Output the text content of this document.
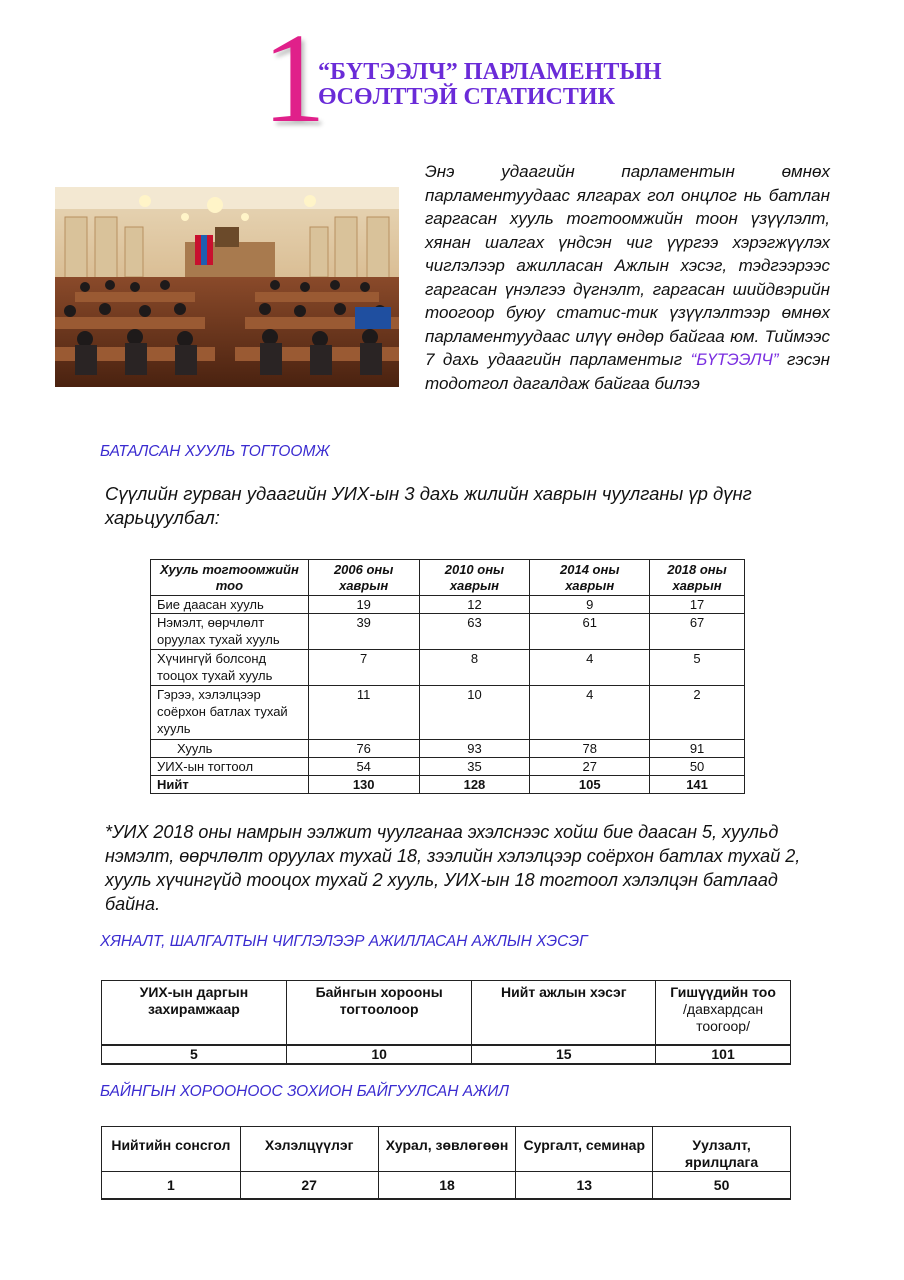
1
“БҮТЭЭЛЧ” ПАРЛАМЕНТЫН
ӨСӨЛТТЭЙ СТАТИСТИК
Энэ удаагийн парламентын өмнөх парламентуудаас ялгарах гол онцлог нь батлан гаргасан хууль тогтоомжийн тоон үзүүлэлт, хянан шалгах үндсэн чиг үүргээ хэрэгжүүлэх чиглэлээр ажилласан Ажлын хэсэг, тэдгээрээс гаргасан үнэлгээ дүгнэлт, гаргасан шийдвэрийн тоогоор буюу статис-тик үзүүлэлтээр өмнөх парламентуудаас илүү өндөр байгаа юм. Тиймээс 7 дахь удаагийн парламентыг “БҮТЭЭЛЧ” гэсэн тодотгол дагалдаж байгаа билээ
БАТАЛСАН ХУУЛЬ ТОГТООМЖ
Сүүлийн гурван удаагийн УИХ-ын 3 дахь жилийн хаврын чуулганы үр дүнг харьцуулбал:
Хууль тогтоомжийн тоо	2006 оны хаврын	2010 оны хаврын	2014 оны хаврын	2018 оны хаврын
Бие даасан хууль	19	12	9	17
Нэмэлт, өөрчлөлт оруулах тухай хууль	39	63	61	67
Хүчингүй болсонд тооцох тухай хууль	7	8	4	5
Гэрээ, хэлэлцээр соёрхон батлах тухай хууль	11	10	4	2
Хууль	76	93	78	91
УИХ-ын тогтоол	54	35	27	50
Нийт	130	128	105	141
*УИХ 2018 оны намрын ээлжит чуулганаа эхэлснээс хойш бие даасан 5, хуульд нэмэлт, өөрчлөлт оруулах тухай 18, зээлийн хэлэлцээр соёрхон батлах тухай 2, хууль хүчингүйд тооцох тухай 2 хууль, УИХ-ын 18 тогтоол хэлэлцэн батлаад байна.
ХЯНАЛТ, ШАЛГАЛТЫН ЧИГЛЭЛЭЭР АЖИЛЛАСАН АЖЛЫН ХЭСЭГ
УИХ-ын даргын захирамжаар	Байнгын хорооны тогтоолоор	Нийт ажлын хэсэг	Гишүүдийн тоо
/давхардсан тоогоор/

5	10	15	101
БАЙНГЫН ХОРООНООС ЗОХИОН БАЙГУУЛСАН АЖИЛ
Нийтийн сонсгол	Хэлэлцүүлэг	Хурал, зөвлөгөөн	Сургалт, семинар	Уулзалт, ярилцлага
1	27	18	13	50
